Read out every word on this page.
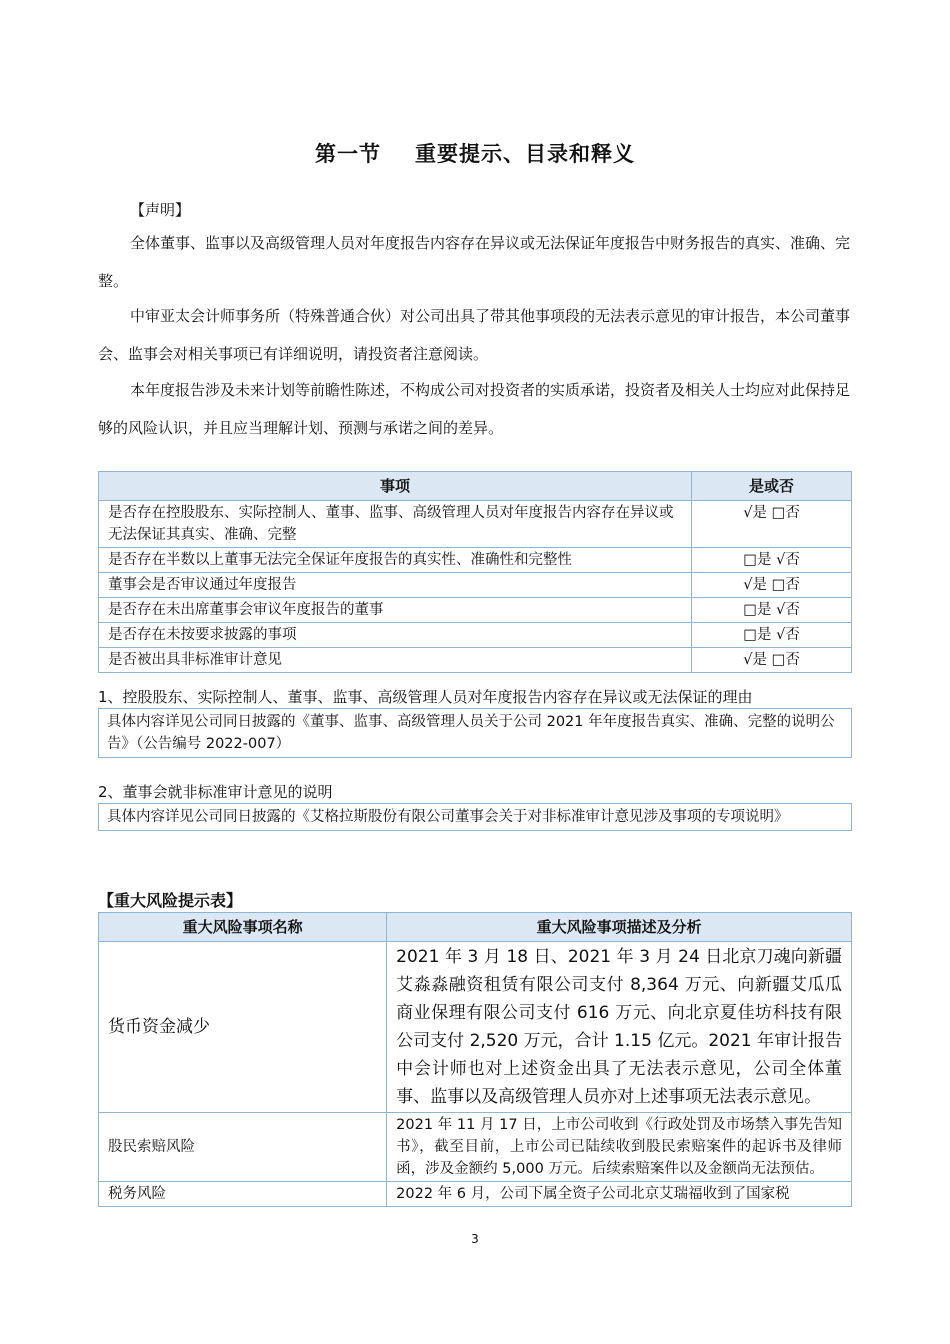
第一节 重要提示、目录和释义
【声明】
全体董事、监事以及高级管理人员对年度报告内容存在异议或无法保证年度报告中财务报告的真实、准确、完整。
中审亚太会计师事务所（特殊普通合伙）对公司出具了带其他事项段的无法表示意见的审计报告，本公司董事会、监事会对相关事项已有详细说明，请投资者注意阅读。
本年度报告涉及未来计划等前瞻性陈述，不构成公司对投资者的实质承诺，投资者及相关人士均应对此保持足够的风险认识，并且应当理解计划、预测与承诺之间的差异。
事项	是或否
是否存在控股股东、实际控制人、董事、监事、高级管理人员对年度报告内容存在异议或无法保证其真实、准确、完整	√是 □否
是否存在半数以上董事无法完全保证年度报告的真实性、准确性和完整性	□是 √否
董事会是否审议通过年度报告	√是 □否
是否存在未出席董事会审议年度报告的董事	□是 √否
是否存在未按要求披露的事项	□是 √否
是否被出具非标准审计意见	√是 □否
1、控股股东、实际控制人、董事、监事、高级管理人员对年度报告内容存在异议或无法保证的理由
具体内容详见公司同日披露的《董事、监事、高级管理人员关于公司 2021 年年度报告真实、准确、完整的说明公告》（公告编号 2022-007）
2、董事会就非标准审计意见的说明
具体内容详见公司同日披露的《艾格拉斯股份有限公司董事会关于对非标准审计意见涉及事项的专项说明》
【重大风险提示表】
重大风险事项名称	重大风险事项描述及分析
货币资金减少	2021 年 3 月 18 日、2021 年 3 月 24 日北京刀魂向新疆艾淼淼融资租赁有限公司支付 8,364 万元、向新疆艾瓜瓜商业保理有限公司支付 616 万元、向北京夏佳坊科技有限公司支付 2,520 万元，合计 1.15 亿元。2021 年审计报告中会计师也对上述资金出具了无法表示意见，公司全体董事、监事以及高级管理人员亦对上述事项无法表示意见。
股民索赔风险	2021 年 11 月 17 日，上市公司收到《行政处罚及市场禁入事先告知书》，截至目前，上市公司已陆续收到股民索赔案件的起诉书及律师函，涉及金额约 5,000 万元。后续索赔案件以及金额尚无法预估。
税务风险	2022 年 6 月，公司下属全资子公司北京艾瑞福收到了国家税
3
